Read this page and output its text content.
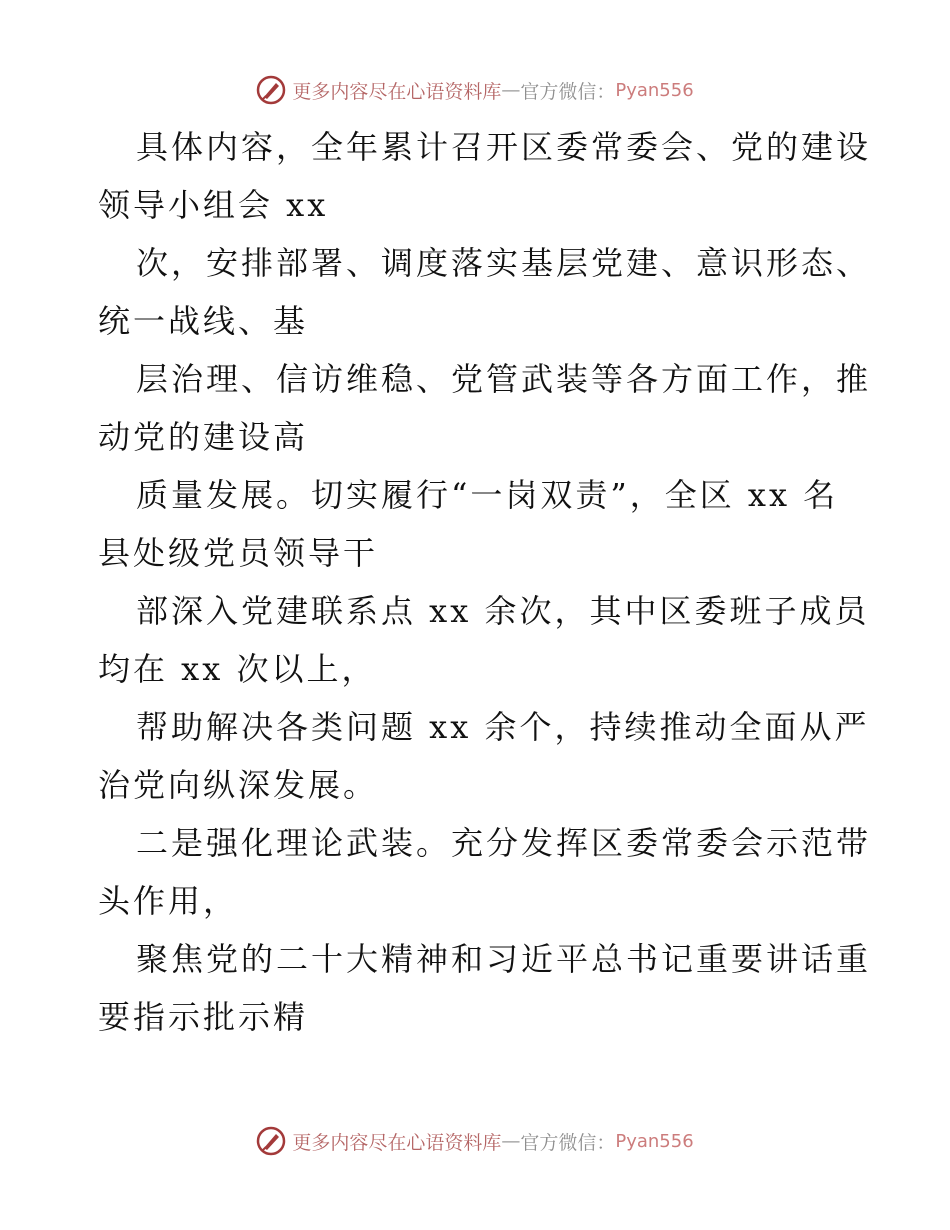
更多内容尽在心语资料库 — 官方微信： Pyan556
具体内容，全年累计召开区委常委会、党的建设
领导小组会 xx
次，安排部署、调度落实基层党建、意识形态、
统一战线、基
层治理、信访维稳、党管武装等各方面工作，推
动党的建设高
质量发展。切实履行“一岗双责”，全区 xx 名
县处级党员领导干
部深入党建联系点 xx 余次，其中区委班子成员
均在 xx 次以上，
帮助解决各类问题 xx 余个，持续推动全面从严
治党向纵深发展。
二是强化理论武装。充分发挥区委常委会示范带
头作用，
聚焦党的二十大精神和习近平总书记重要讲话重
要指示批示精
更多内容尽在心语资料库 — 官方微信： Pyan556
